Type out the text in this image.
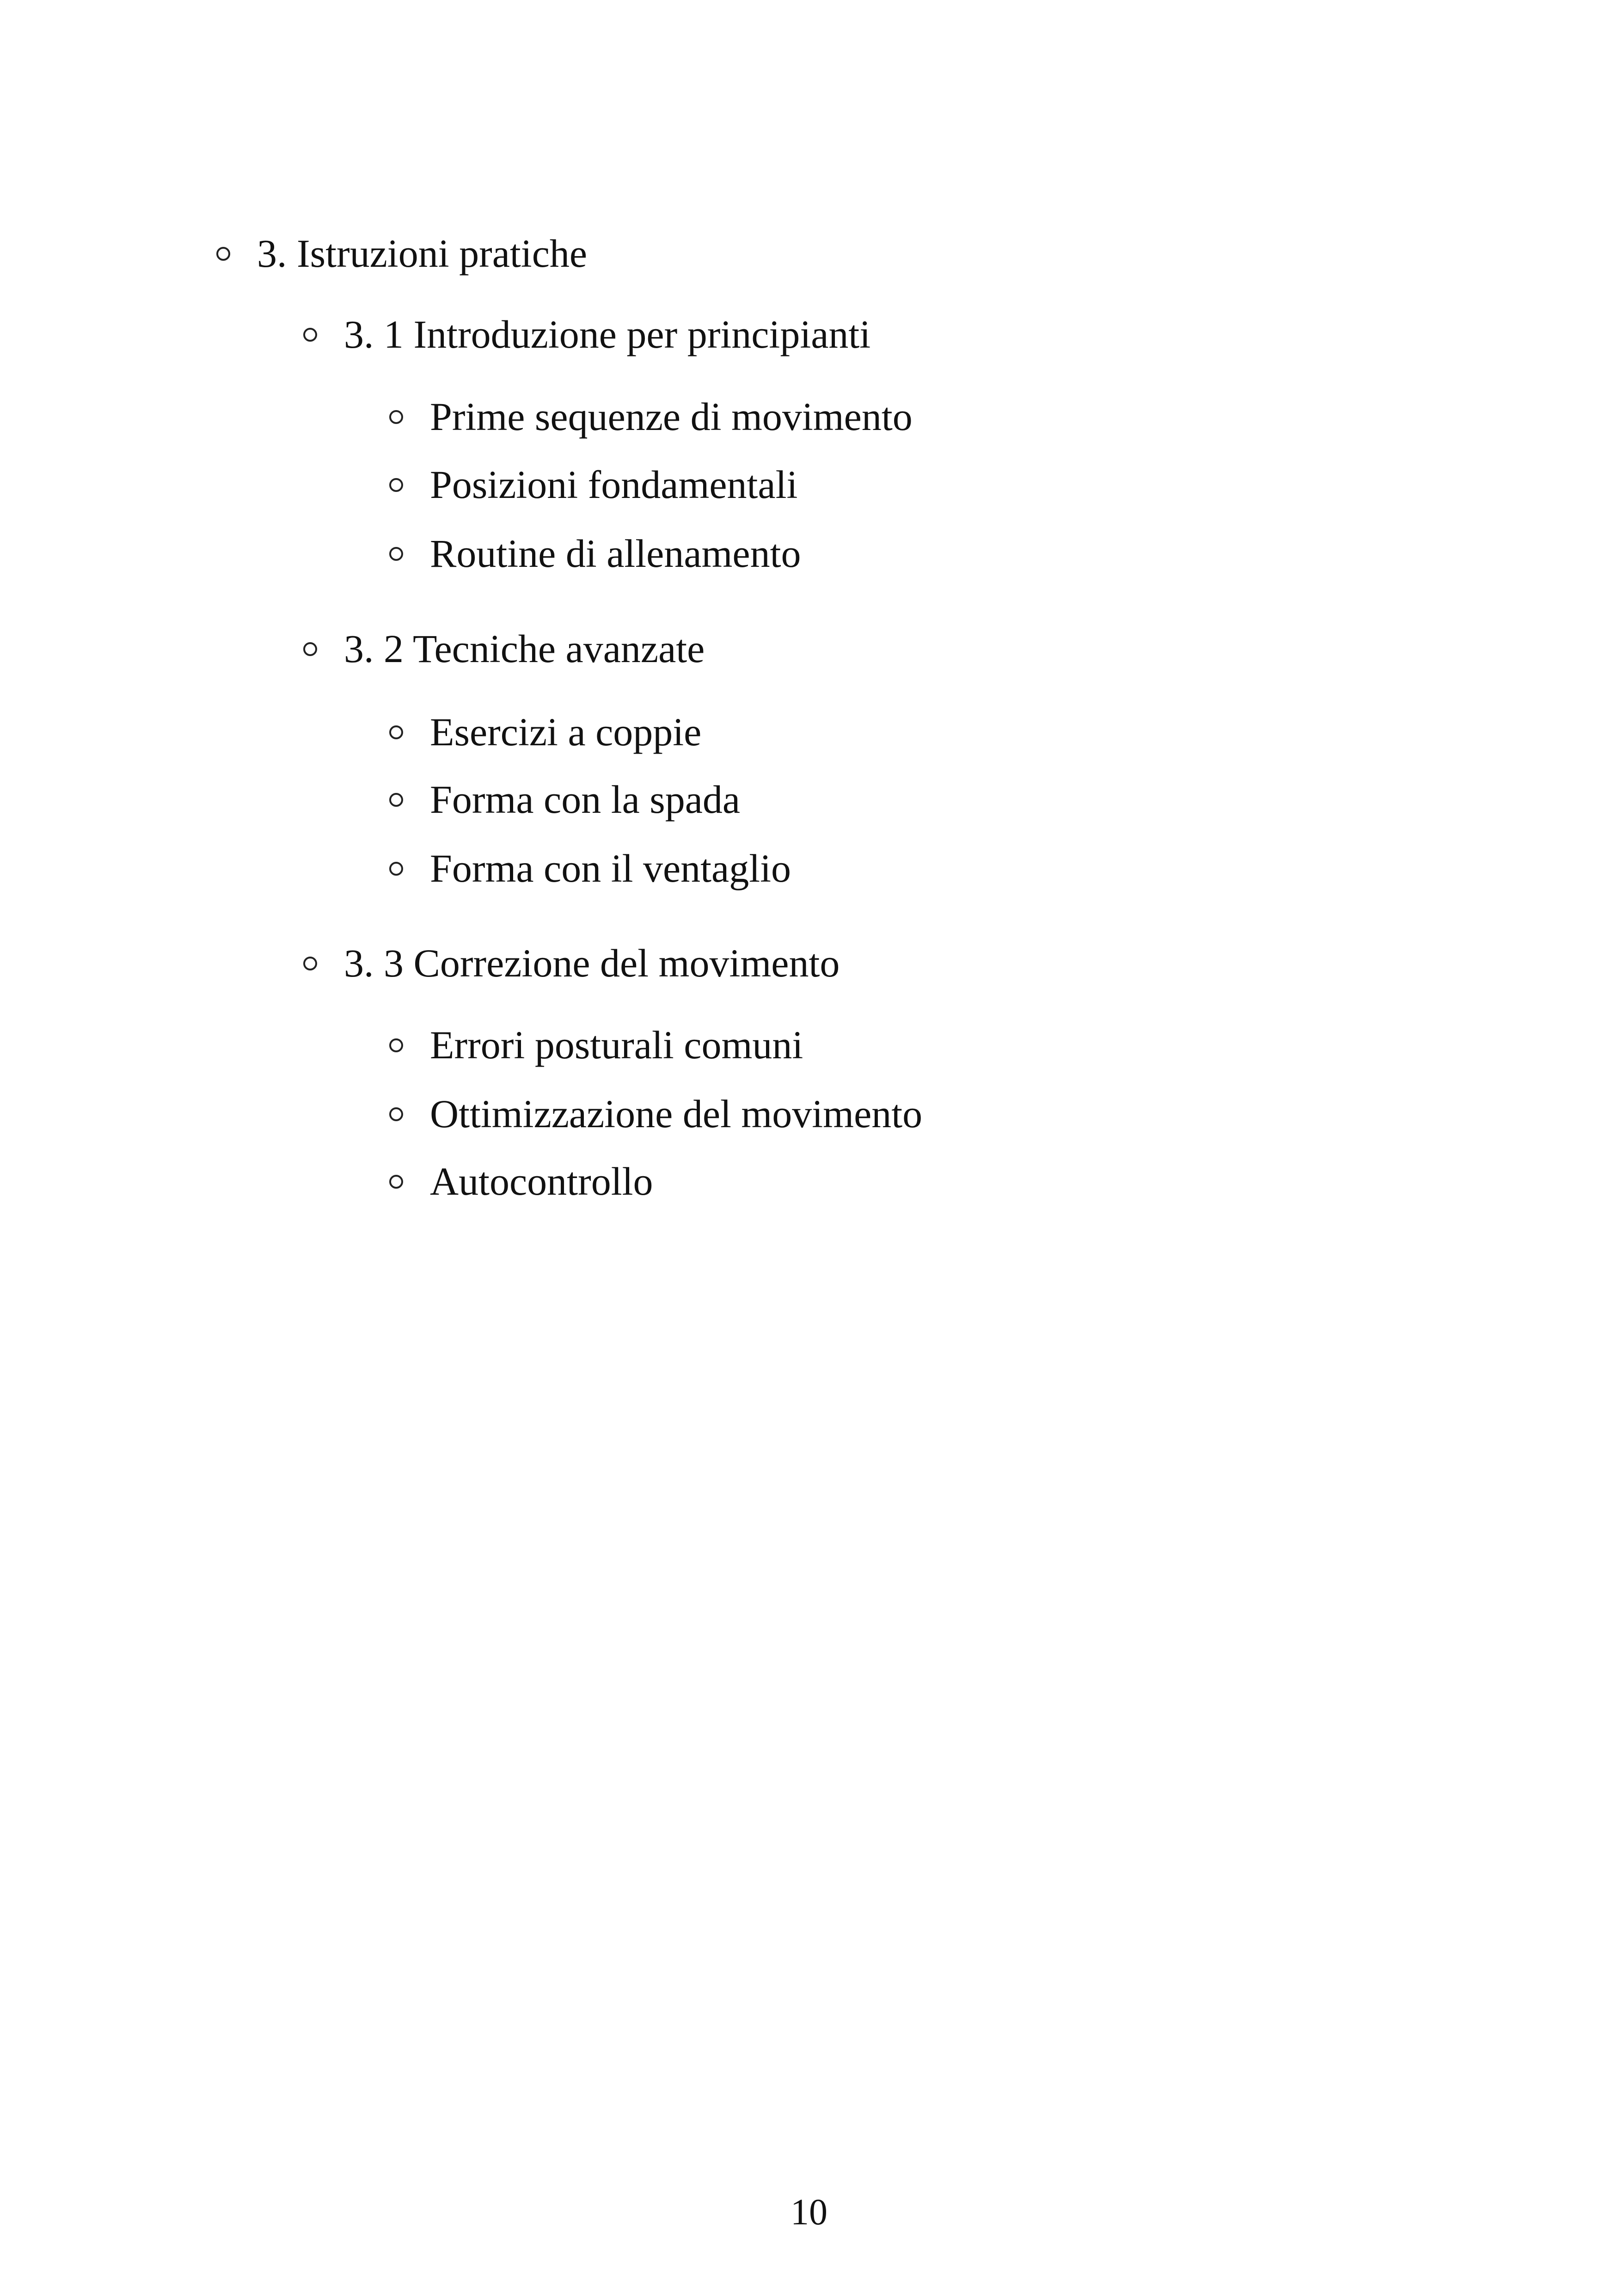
3. Istruzioni pratiche
3. 1 Introduzione per principianti
Prime sequenze di movimento
Posizioni fondamentali
Routine di allenamento
3. 2 Tecniche avanzate
Esercizi a coppie
Forma con la spada
Forma con il ventaglio
3. 3 Correzione del movimento
Errori posturali comuni
Ottimizzazione del movimento
Autocontrollo
10
